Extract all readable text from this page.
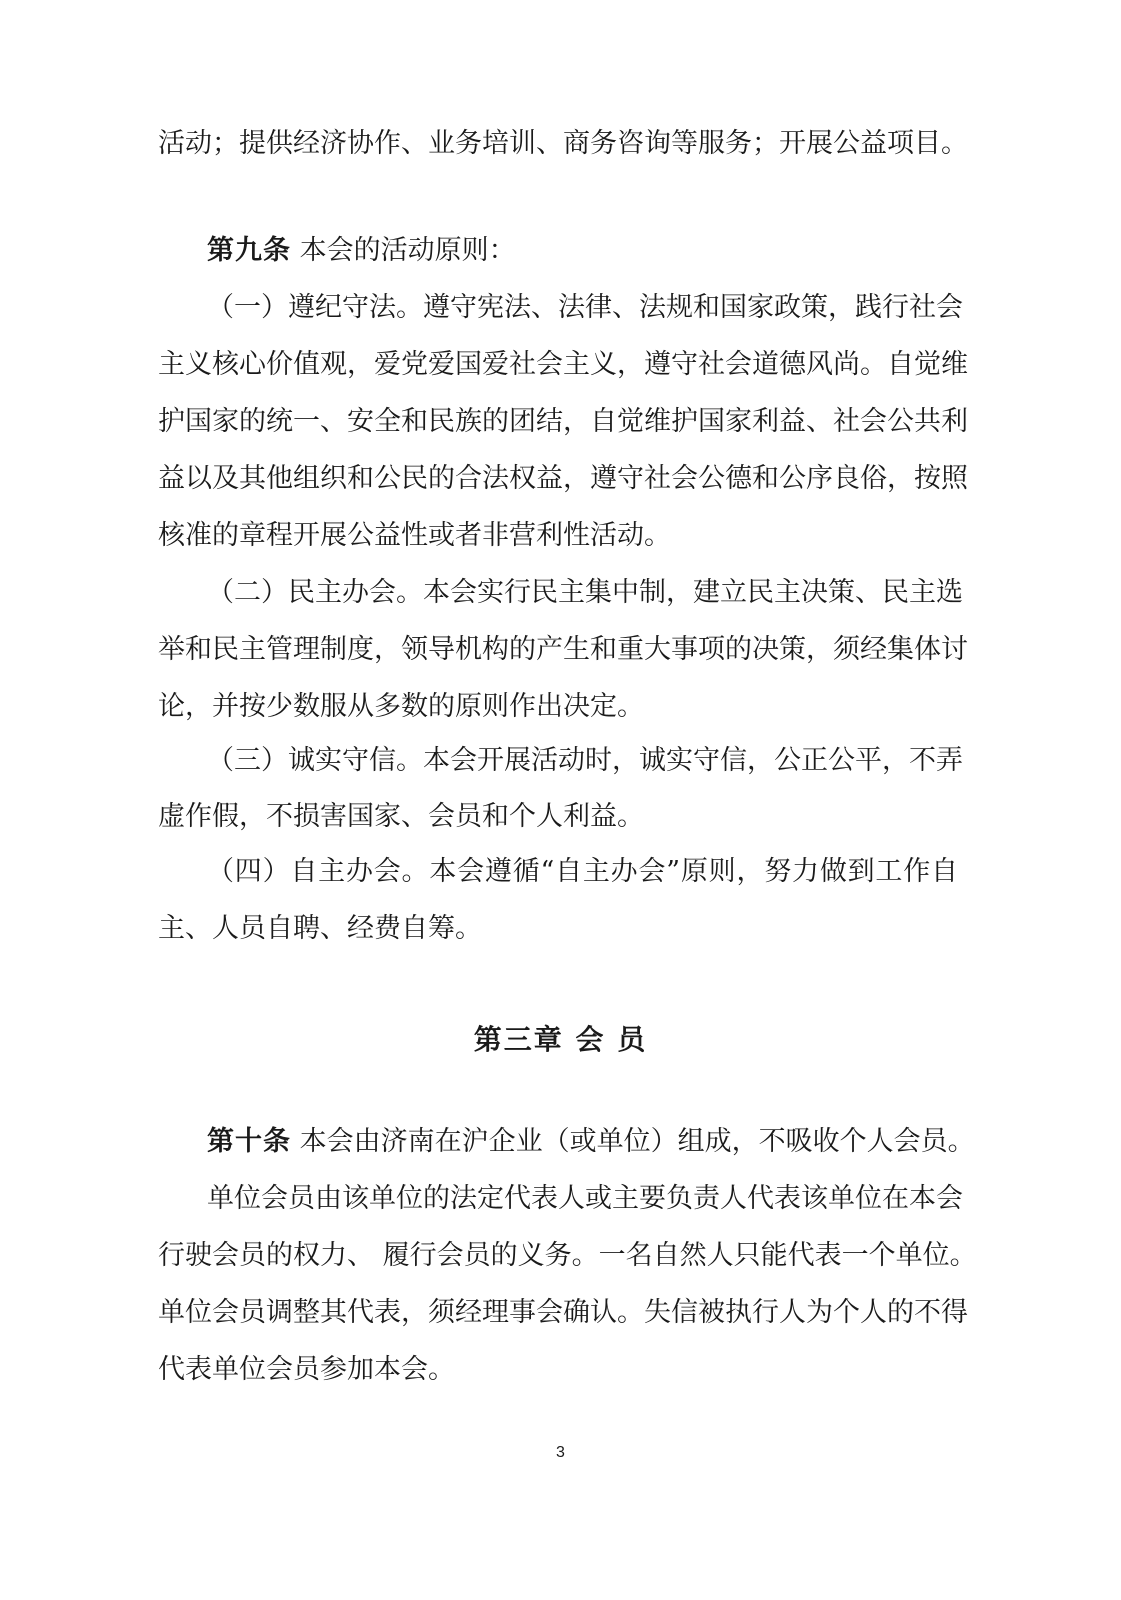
活动；提供经济协作、业务培训、商务咨询等服务；开展公益项目。
第九条 本会的活动原则：
（一）遵纪守法。遵守宪法、法律、法规和国家政策，践行社会
主义核心价值观，爱党爱国爱社会主义，遵守社会道德风尚。自觉维
护国家的统一、安全和民族的团结，自觉维护国家利益、社会公共利
益以及其他组织和公民的合法权益，遵守社会公德和公序良俗，按照
核准的章程开展公益性或者非营利性活动。
（二）民主办会。本会实行民主集中制，建立民主决策、民主选
举和民主管理制度，领导机构的产生和重大事项的决策，须经集体讨
论，并按少数服从多数的原则作出决定。
（三）诚实守信。本会开展活动时，诚实守信，公正公平，不弄
虚作假，不损害国家、会员和个人利益。
（四）自主办会。本会遵循“自主办会”原则，努力做到工作自
主、人员自聘、经费自筹。
第三章 会 员
第十条 本会由济南在沪企业（或单位）组成，不吸收个人会员。
单位会员由该单位的法定代表人或主要负责人代表该单位在本会
行驶会员的权力、 履行会员的义务。一名自然人只能代表一个单位。
单位会员调整其代表，须经理事会确认。失信被执行人为个人的不得
代表单位会员参加本会。
3
